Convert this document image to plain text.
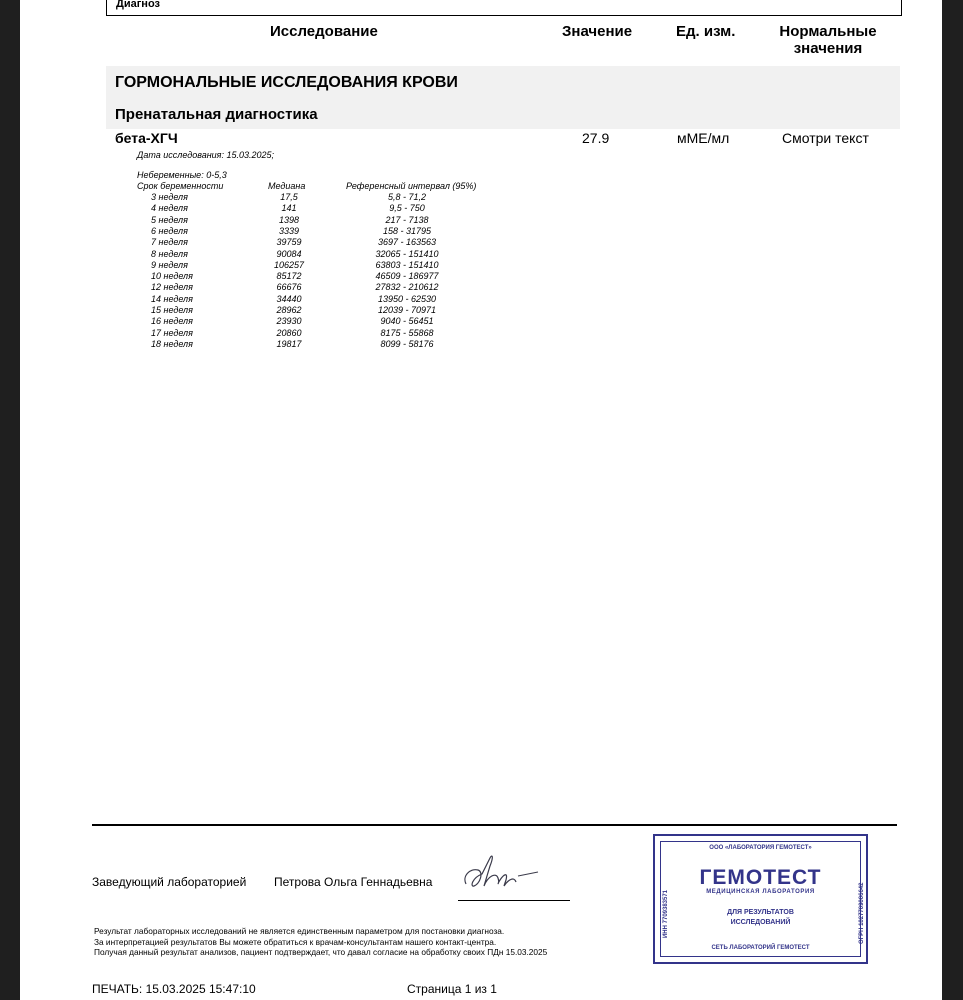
Диагноз
Исследование	Значение	Ед. изм.	Нормальные
значения
ГОРМОНАЛЬНЫЕ ИССЛЕДОВАНИЯ КРОВИ
Пренатальная диагностика
бета-ХГЧ	27.9	мМЕ/мл	Смотри текст
Дата исследования: 15.03.2025;
Небеременные: 0-5,3
Срок беременности	Медиана	Референсный интервал (95%)
3 неделя	17,5	5,8 - 71,2
4 неделя	141	9,5 - 750
5 неделя	1398	217 - 7138
6 неделя	3339	158 - 31795
7 неделя	39759	3697 - 163563
8 неделя	90084	32065 - 151410
9 неделя	106257	63803 - 151410
10 неделя	85172	46509 - 186977
12 неделя	66676	27832 - 210612
14 неделя	34440	13950 - 62530
15 неделя	28962	12039 - 70971
16 неделя	23930	9040 - 56451
17 неделя	20860	8175 - 55868
18 неделя	19817	8099 - 58176
Заведующий лабораторией Петрова Ольга Геннадьевна
Результат лабораторных исследований не является единственным параметром для постановки диагноза.
За интерпретацией результатов Вы можете обратиться к врачам-консультантам нашего контакт-центра.
Получая данный результат анализов, пациент подтверждает, что давал согласие на обработку своих ПДн 15.03.2025
ПЕЧАТЬ: 15.03.2025 15:47:10	Страница 1 из 1
ООО «ЛАБОРАТОРИЯ ГЕМОТЕСТ»
ГЕМОТЕСТ
МЕДИЦИНСКАЯ ЛАБОРАТОРИЯ
ДЛЯ РЕЗУЛЬТАТОВ
ИССЛЕДОВАНИЙ
СЕТЬ ЛАБОРАТОРИЙ ГЕМОТЕСТ
ИНН 7709383571	ОГРН 1027709006642
